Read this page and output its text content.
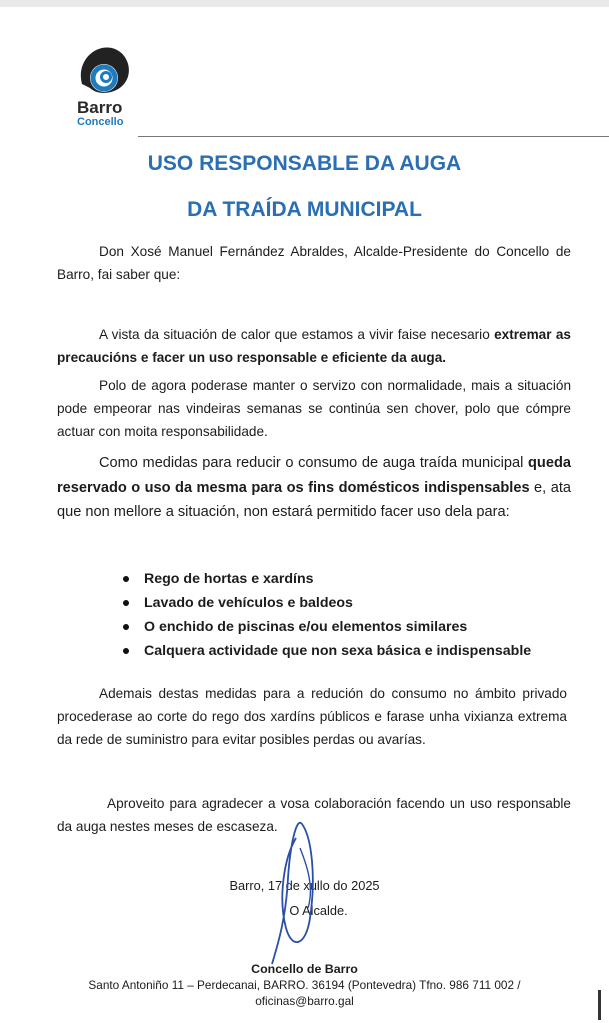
Barro
Concello
USO RESPONSABLE DA AUGA
DA TRAÍDA MUNICIPAL
Don Xosé Manuel Fernández Abraldes, Alcalde-Presidente do Concello de Barro, fai saber que:
A vista da situación de calor que estamos a vivir faise necesario extremar as precaucións e facer un uso responsable e eficiente da auga.
Polo de agora poderase manter o servizo con normalidade, mais a situación pode empeorar nas vindeiras semanas se continúa sen chover, polo que cómpre actuar con moita responsabilidade.
Como medidas para reducir o consumo de auga traída municipal queda reservado o uso da mesma para os fins domésticos indispensables e, ata que non mellore a situación, non estará permitido facer uso dela para:
Rego de hortas e xardíns
Lavado de vehículos e baldeos
O enchido de piscinas e/ou elementos similares
Calquera actividade que non sexa básica e indispensable
Ademais destas medidas para a redución do consumo no ámbito privado procederase ao corte do rego dos xardíns públicos e farase unha vixianza extrema da rede de suministro para evitar posibles perdas ou avarías.
Aproveito para agradecer a vosa colaboración facendo un uso responsable da auga nestes meses de escaseza.
Barro, 17 de xullo do 2025
O Alcalde.
Concello de Barro
Santo Antoniño 11 – Perdecanai, BARRO. 36194 (Pontevedra) Tfno. 986 711 002 /
oficinas@barro.gal
